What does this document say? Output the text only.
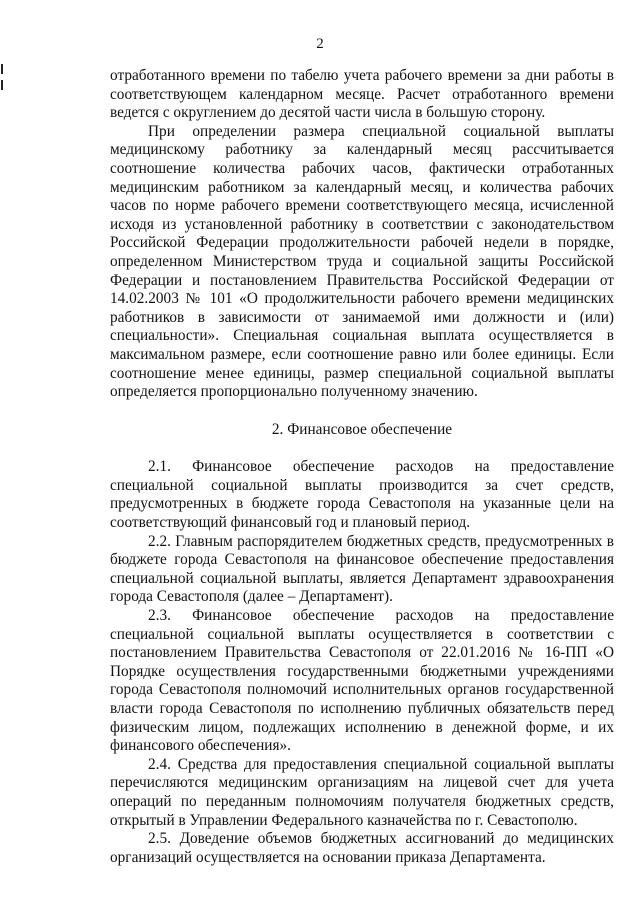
2

отработанного времени по табелю учета рабочего времени за дни работы в соответствующем календарном месяце. Расчет отработанного времени ведется с округлением до десятой части числа в большую сторону.

При определении размера специальной социальной выплаты медицинскому работнику за календарный месяц рассчитывается соотношение количества рабочих часов, фактически отработанных медицинским работником за календарный месяц, и количества рабочих часов по норме рабочего времени соответствующего месяца, исчисленной исходя из установленной работнику в соответствии с законодательством Российской Федерации продолжительности рабочей недели в порядке, определенном Министерством труда и социальной защиты Российской Федерации и постановлением Правительства Российской Федерации от 14.02.2003 № 101 «О продолжительности рабочего времени медицинских работников в зависимости от занимаемой ими должности и (или) специальности». Специальная социальная выплата осуществляется в максимальном размере, если соотношение равно или более единицы. Если соотношение менее единицы, размер специальной социальной выплаты определяется пропорционально полученному значению.

2. Финансовое обеспечение

2.1. Финансовое обеспечение расходов на предоставление специальной социальной выплаты производится за счет средств, предусмотренных в бюджете города Севастополя на указанные цели на соответствующий финансовый год и плановый период.

2.2. Главным распорядителем бюджетных средств, предусмотренных в бюджете города Севастополя на финансовое обеспечение предоставления специальной социальной выплаты, является Департамент здравоохранения города Севастополя (далее – Департамент).

2.3. Финансовое обеспечение расходов на предоставление специальной социальной выплаты осуществляется в соответствии с постановлением Правительства Севастополя от 22.01.2016 № 16-ПП «О Порядке осуществления государственными бюджетными учреждениями города Севастополя полномочий исполнительных органов государственной власти города Севастополя по исполнению публичных обязательств перед физическим лицом, подлежащих исполнению в денежной форме, и их финансового обеспечения».

2.4. Средства для предоставления специальной социальной выплаты перечисляются медицинским организациям на лицевой счет для учета операций по переданным полномочиям получателя бюджетных средств, открытый в Управлении Федерального казначейства по г. Севастополю.

2.5. Доведение объемов бюджетных ассигнований до медицинских организаций осуществляется на основании приказа Департамента.
